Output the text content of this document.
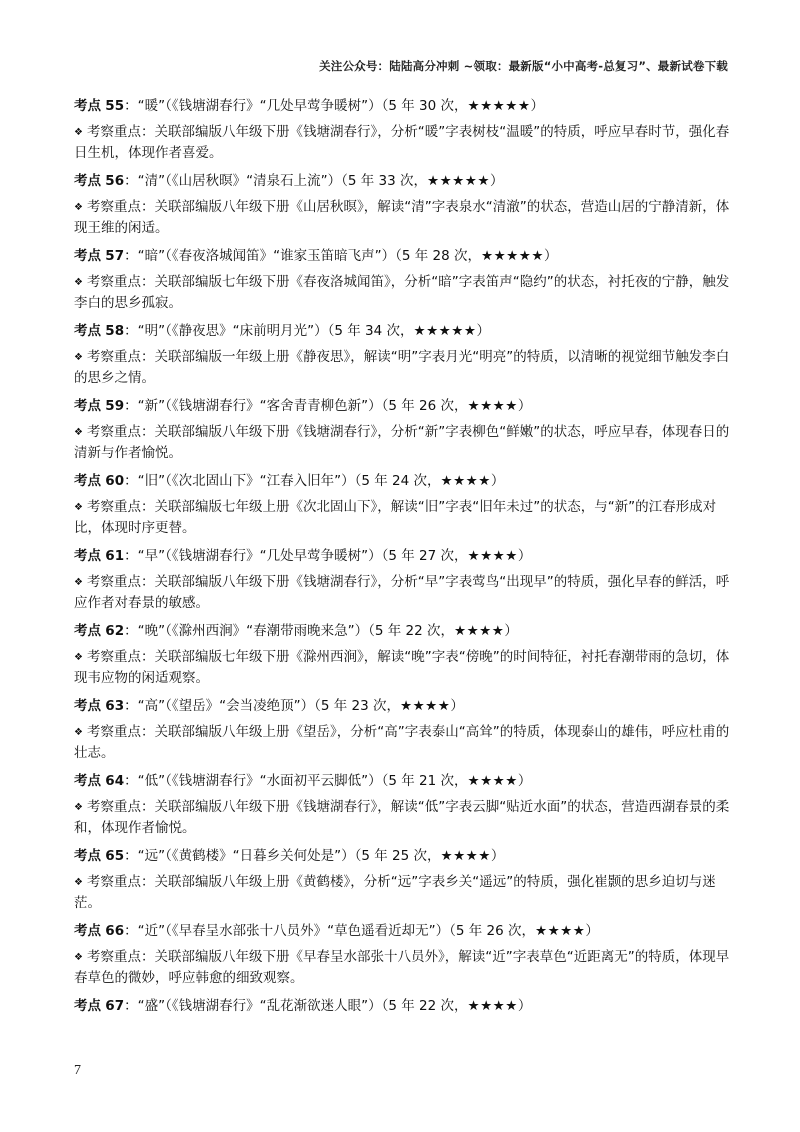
关注公众号：陆陆高分冲刺 ~领取：最新版“小中高考-总复习”、最新试卷下载

考点 55：“暖”（《钱塘湖春行》“几处早莺争暖树”）（5 年 30 次，★★★★★）

❖ 考察重点：关联部编版八年级下册《钱塘湖春行》，分析“暖”字表树枝“温暖”的特质，呼应早春时节，强化春日生机，体现作者喜爱。

考点 56：“清”（《山居秋暝》“清泉石上流”）（5 年 33 次，★★★★★）

❖ 考察重点：关联部编版八年级下册《山居秋暝》，解读“清”字表泉水“清澈”的状态，营造山居的宁静清新，体现王维的闲适。

考点 57：“暗”（《春夜洛城闻笛》“谁家玉笛暗飞声”）（5 年 28 次，★★★★★）

❖ 考察重点：关联部编版七年级下册《春夜洛城闻笛》，分析“暗”字表笛声“隐约”的状态，衬托夜的宁静，触发李白的思乡孤寂。

考点 58：“明”（《静夜思》“床前明月光”）（5 年 34 次，★★★★★）

❖ 考察重点：关联部编版一年级上册《静夜思》，解读“明”字表月光“明亮”的特质，以清晰的视觉细节触发李白的思乡之情。

考点 59：“新”（《钱塘湖春行》“客舍青青柳色新”）（5 年 26 次，★★★★）

❖ 考察重点：关联部编版八年级下册《钱塘湖春行》，分析“新”字表柳色“鲜嫩”的状态，呼应早春，体现春日的清新与作者愉悦。

考点 60：“旧”（《次北固山下》“江春入旧年”）（5 年 24 次，★★★★）

❖ 考察重点：关联部编版七年级上册《次北固山下》，解读“旧”字表“旧年未过”的状态，与“新”的江春形成对比，体现时序更替。

考点 61：“早”（《钱塘湖春行》“几处早莺争暖树”）（5 年 27 次，★★★★）

❖ 考察重点：关联部编版八年级下册《钱塘湖春行》，分析“早”字表莺鸟“出现早”的特质，强化早春的鲜活，呼应作者对春景的敏感。

考点 62：“晚”（《滁州西涧》“春潮带雨晚来急”）（5 年 22 次，★★★★）

❖ 考察重点：关联部编版七年级下册《滁州西涧》，解读“晚”字表“傍晚”的时间特征，衬托春潮带雨的急切，体现韦应物的闲适观察。

考点 63：“高”（《望岳》“会当凌绝顶”）（5 年 23 次，★★★★）

❖ 考察重点：关联部编版八年级上册《望岳》，分析“高”字表泰山“高耸”的特质，体现泰山的雄伟，呼应杜甫的壮志。

考点 64：“低”（《钱塘湖春行》“水面初平云脚低”）（5 年 21 次，★★★★）

❖ 考察重点：关联部编版八年级下册《钱塘湖春行》，解读“低”字表云脚“贴近水面”的状态，营造西湖春景的柔和，体现作者愉悦。

考点 65：“远”（《黄鹤楼》“日暮乡关何处是”）（5 年 25 次，★★★★）

❖ 考察重点：关联部编版八年级上册《黄鹤楼》，分析“远”字表乡关“遥远”的特质，强化崔颢的思乡迫切与迷茫。

考点 66：“近”（《早春呈水部张十八员外》“草色遥看近却无”）（5 年 26 次，★★★★）

❖ 考察重点：关联部编版八年级下册《早春呈水部张十八员外》，解读“近”字表草色“近距离无”的特质，体现早春草色的微妙，呼应韩愈的细致观察。

考点 67：“盛”（《钱塘湖春行》“乱花渐欲迷人眼”）（5 年 22 次，★★★★）

7
